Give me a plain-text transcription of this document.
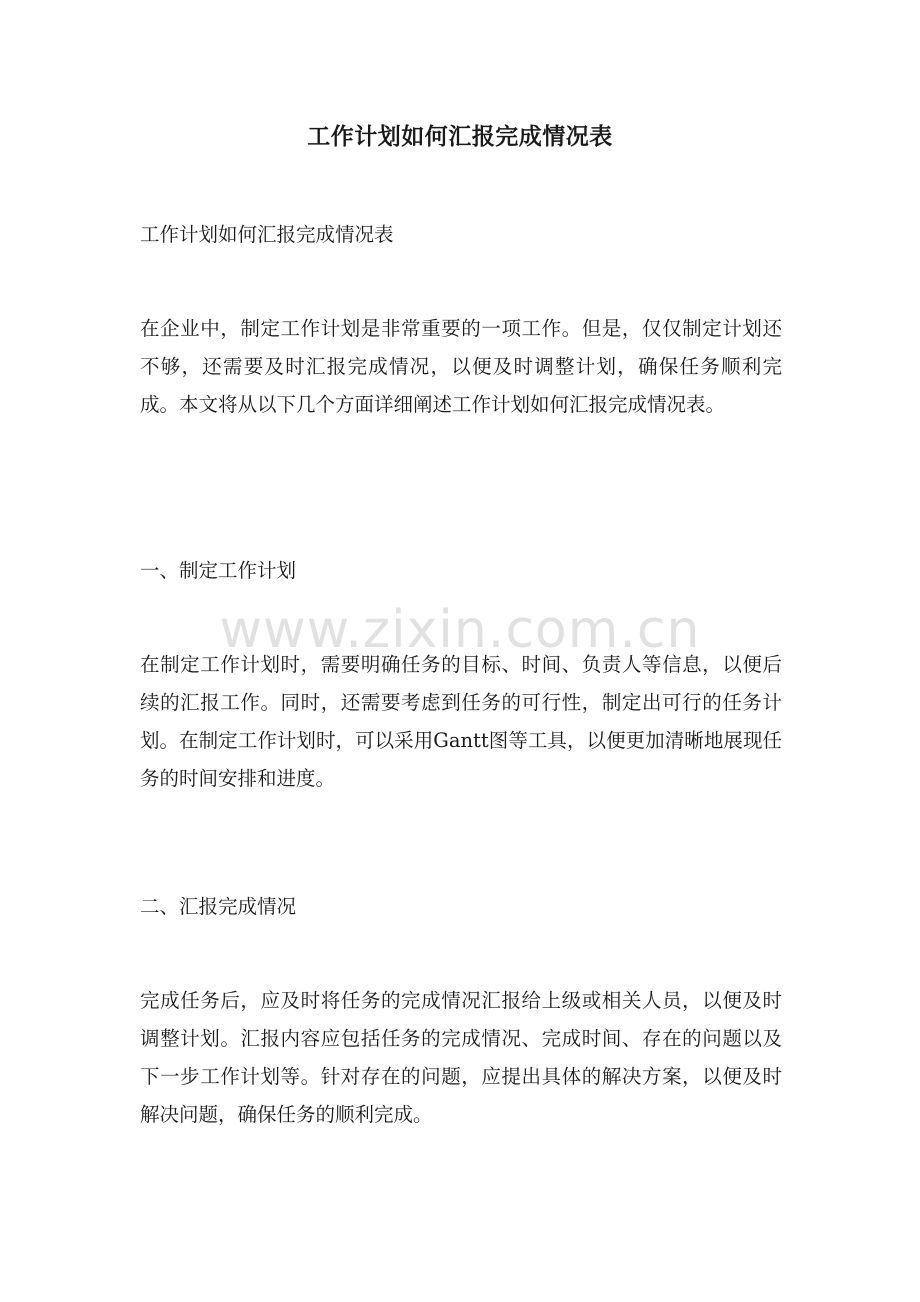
工作计划如何汇报完成情况表

工作计划如何汇报完成情况表

在企业中，制定工作计划是非常重要的一项工作。但是，仅仅制定计划还不够，还需要及时汇报完成情况，以便及时调整计划，确保任务顺利完成。本文将从以下几个方面详细阐述工作计划如何汇报完成情况表。

一、制定工作计划

在制定工作计划时，需要明确任务的目标、时间、负责人等信息，以便后续的汇报工作。同时，还需要考虑到任务的可行性，制定出可行的任务计划。在制定工作计划时，可以采用Gantt图等工具，以便更加清晰地展现任务的时间安排和进度。

二、汇报完成情况

完成任务后，应及时将任务的完成情况汇报给上级或相关人员，以便及时调整计划。汇报内容应包括任务的完成情况、完成时间、存在的问题以及下一步工作计划等。针对存在的问题，应提出具体的解决方案，以便及时解决问题，确保任务的顺利完成。

www.zixin.com.cn
